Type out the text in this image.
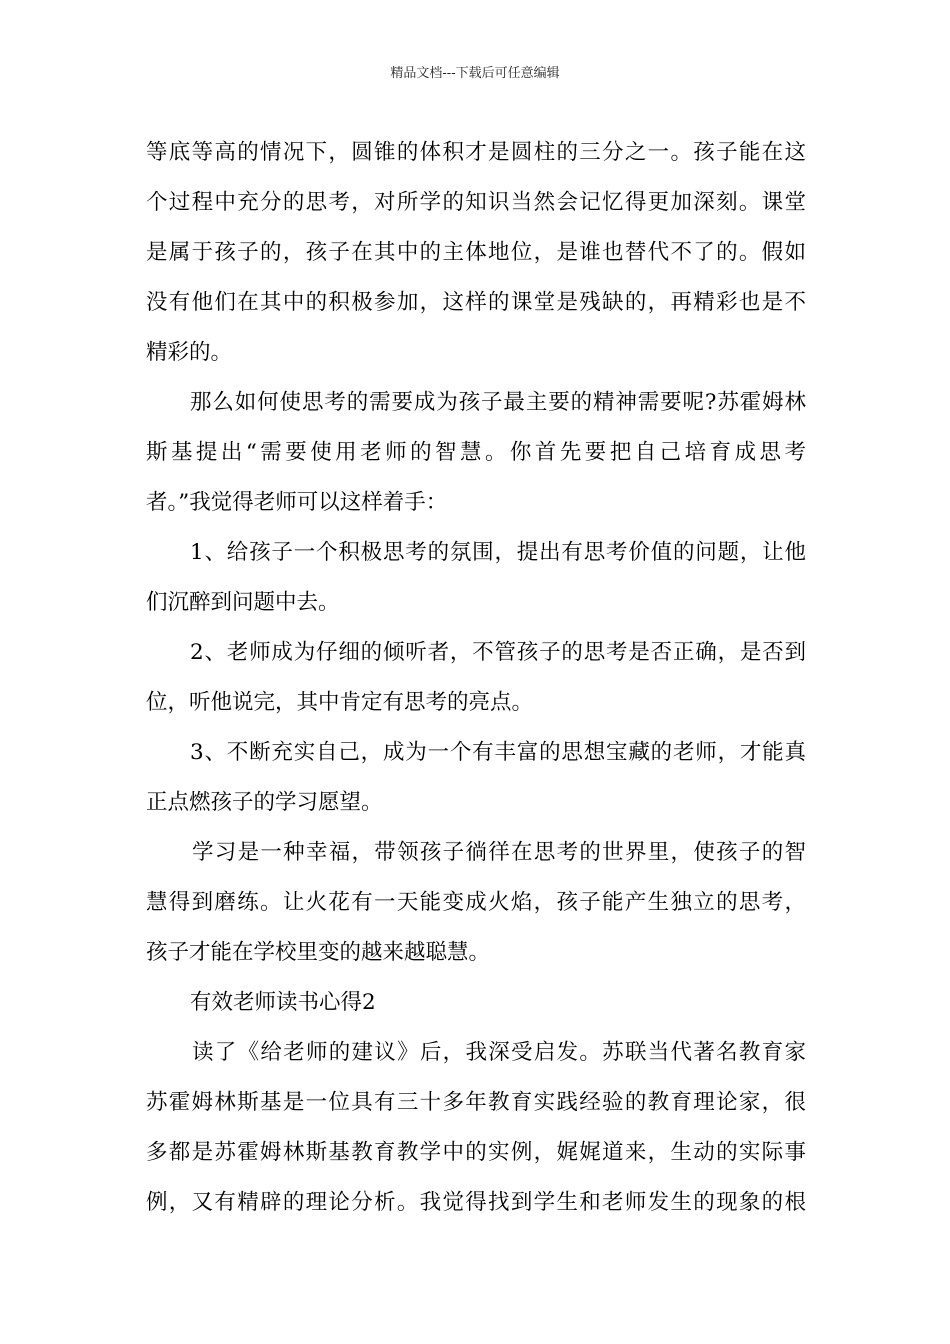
精品文档---下载后可任意编辑
等底等高的情况下，圆锥的体积才是圆柱的三分之一。孩子能在这
个过程中充分的思考，对所学的知识当然会记忆得更加深刻。课堂
是属于孩子的，孩子在其中的主体地位，是谁也替代不了的。假如
没有他们在其中的积极参加，这样的课堂是残缺的，再精彩也是不
精彩的。
那么如何使思考的需要成为孩子最主要的精神需要呢?苏霍姆林
斯基提出“需要使用老师的智慧。你首先要把自己培育成思考
者。”我觉得老师可以这样着手：
1、给孩子一个积极思考的氛围，提出有思考价值的问题，让他
们沉醉到问题中去。
2、老师成为仔细的倾听者，不管孩子的思考是否正确，是否到
位，听他说完，其中肯定有思考的亮点。
3、不断充实自己，成为一个有丰富的思想宝藏的老师，才能真
正点燃孩子的学习愿望。
学习是一种幸福，带领孩子徜徉在思考的世界里，使孩子的智
慧得到磨练。让火花有一天能变成火焰，孩子能产生独立的思考，
孩子才能在学校里变的越来越聪慧。
有效老师读书心得2
读了《给老师的建议》后，我深受启发。苏联当代著名教育家
苏霍姆林斯基是一位具有三十多年教育实践经验的教育理论家，很
多都是苏霍姆林斯基教育教学中的实例，娓娓道来，生动的实际事
例，又有精辟的理论分析。我觉得找到学生和老师发生的现象的根
